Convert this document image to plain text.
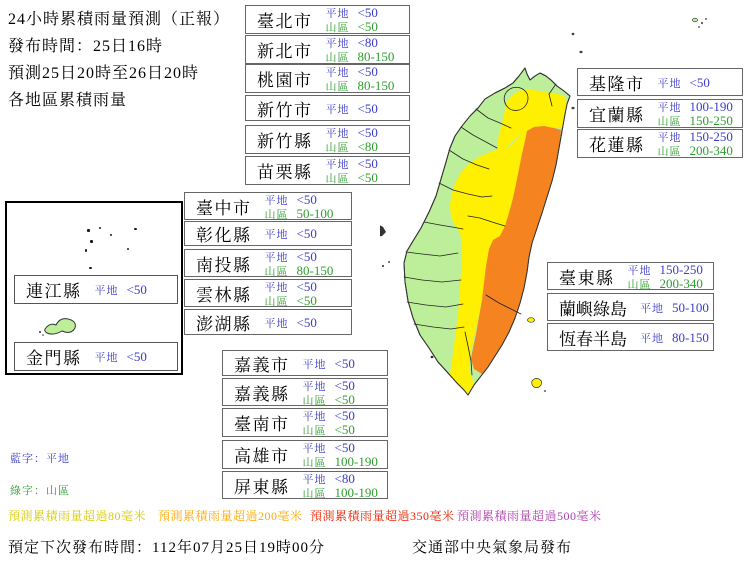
24小時累積雨量預測（正報）
發布時間：25日16時
預測25日20時至26日20時
各地區累積雨量
臺北市 平地 <50
山區 <50
新北市 平地 <80
山區 80-150
桃園市 平地 <50
山區 80-150
新竹市 平地 <50
新竹縣 平地 <50
山區 <80
苗栗縣 平地 <50
山區 <50
臺中市 平地 <50
山區 50-100
彰化縣 平地 <50
南投縣 平地 <50
山區 80-150
雲林縣 平地 <50
山區 <50
澎湖縣 平地 <50
嘉義市 平地 <50
嘉義縣 平地 <50
山區 <50
臺南市 平地 <50
山區 <50
高雄市 平地 <50
山區 100-190
屏東縣 平地 <80
山區 100-190
基隆市 平地 <50
宜蘭縣 平地 100-190
山區 150-250
花蓮縣 平地 150-250
山區 200-340
臺東縣 平地 150-250
山區 200-340
蘭嶼綠島 平地 50-100
恆春半島 平地 80-150
連江縣 平地 <50
金門縣 平地 <50
藍字：平地
綠字：山區
預測累積雨量超過80毫米 預測累積雨量超過200毫米 預測累積雨量超過350毫米 預測累積雨量超過500毫米
預定下次發布時間：112年07月25日19時00分	交通部中央氣象局發布
